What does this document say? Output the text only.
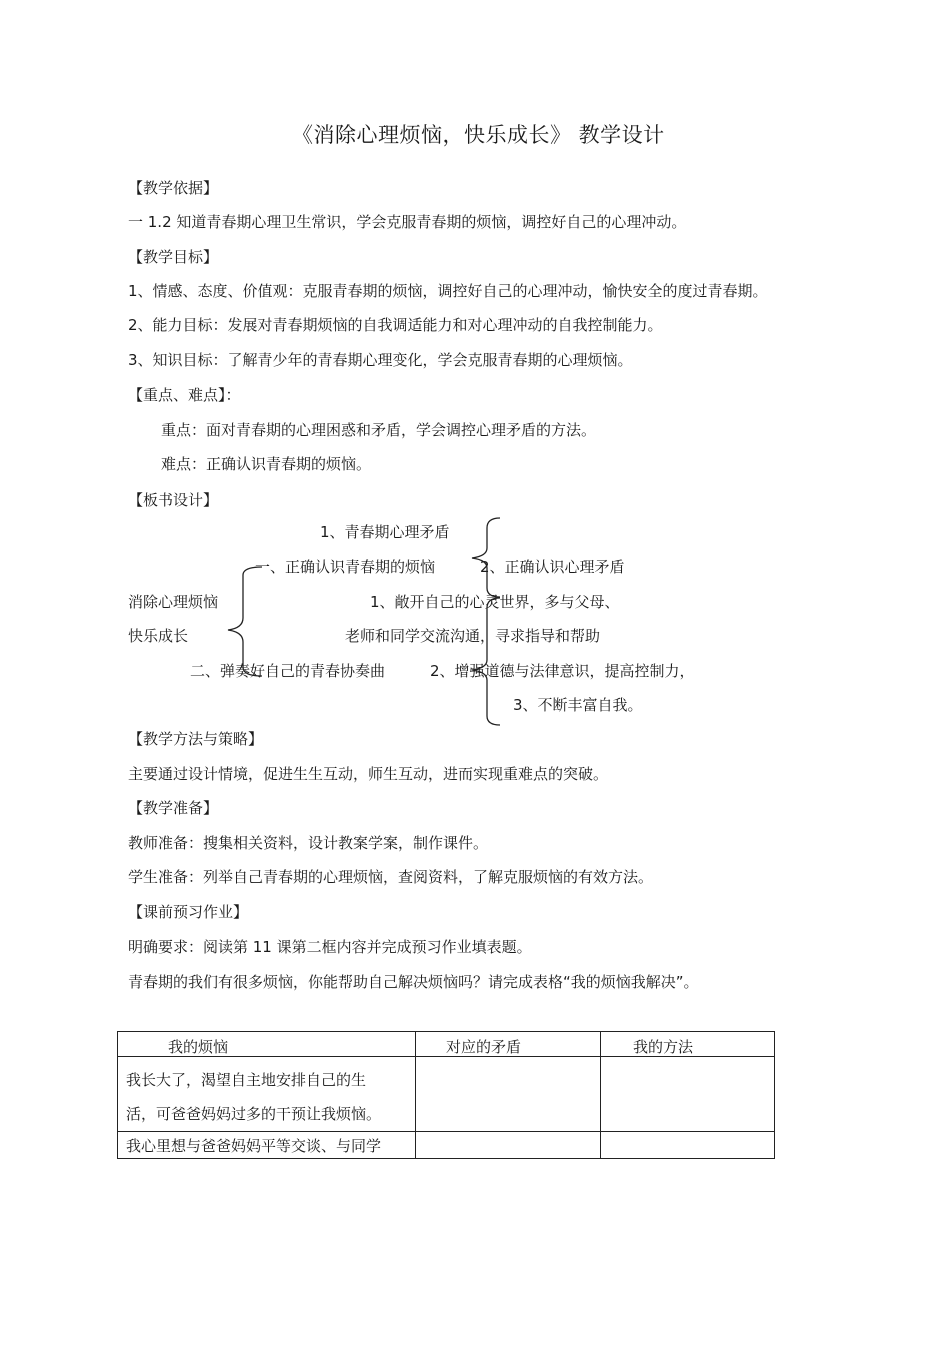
《消除心理烦恼，快乐成长》 教学设计
【教学依据】
一 1.2 知道青春期心理卫生常识，学会克服青春期的烦恼，调控好自己的心理冲动。
【教学目标】
1、情感、态度、价值观：克服青春期的烦恼，调控好自己的心理冲动，愉快安全的度过青春期。
2、能力目标：发展对青春期烦恼的自我调适能力和对心理冲动的自我控制能力。
3、知识目标：了解青少年的青春期心理变化，学会克服青春期的心理烦恼。
【重点、难点】：
重点：面对青春期的心理困惑和矛盾，学会调控心理矛盾的方法。
难点：正确认识青春期的烦恼。
【板书设计】
1、青春期心理矛盾
一、正确认识青春期的烦恼	2、正确认识心理矛盾
消除心理烦恼	1、敞开自己的心灵世界，多与父母、
快乐成长	老师和同学交流沟通，寻求指导和帮助
二、弹奏好自己的青春协奏曲	2、增强道德与法律意识，提高控制力，
3、不断丰富自我。
【教学方法与策略】
主要通过设计情境，促进生生互动，师生互动，进而实现重难点的突破。
【教学准备】
教师准备：搜集相关资料，设计教案学案，制作课件。
学生准备：列举自己青春期的心理烦恼，查阅资料，了解克服烦恼的有效方法。
【课前预习作业】
明确要求：阅读第 11 课第二框内容并完成预习作业填表题。
青春期的我们有很多烦恼，你能帮助自己解决烦恼吗？请完成表格“我的烦恼我解决”。
我的烦恼	对应的矛盾	我的方法

我长大了，渴望自主地安排自己的生
活，可爸爸妈妈过多的干预让我烦恼。		

我心里想与爸爸妈妈平等交谈、与同学		
